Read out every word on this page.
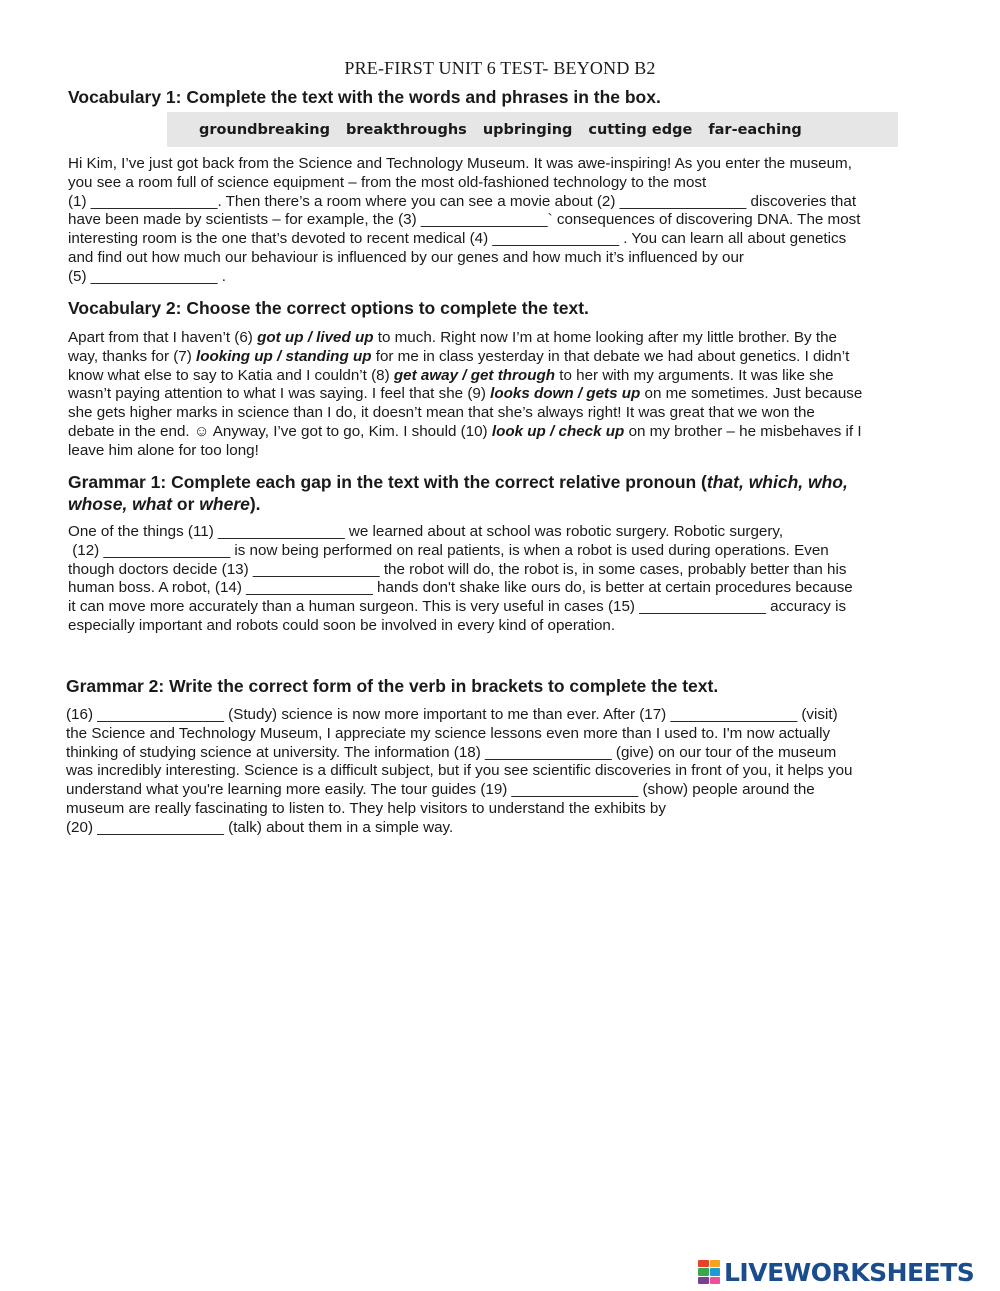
PRE-FIRST UNIT 6 TEST- BEYOND B2
Vocabulary 1: Complete the text with the words and phrases in the box.
groundbreaking breakthroughs upbringing cutting edge far-eaching
Hi Kim, I’ve just got back from the Science and Technology Museum. It was awe-inspiring! As you enter the museum,
you see a room full of science equipment – from the most old-fashioned technology to the most
(1) _______________. Then there’s a room where you can see a movie about (2) _______________ discoveries that
have been made by scientists – for example, the (3) _______________` consequences of discovering DNA. The most
interesting room is the one that’s devoted to recent medical (4) _______________ . You can learn all about genetics
and find out how much our behaviour is influenced by our genes and how much it’s influenced by our
(5) _______________ .
Vocabulary 2: Choose the correct options to complete the text.
Apart from that I haven’t (6) got up / lived up to much. Right now I’m at home looking after my little brother. By the
way, thanks for (7) looking up / standing up for me in class yesterday in that debate we had about genetics. I didn’t
know what else to say to Katia and I couldn’t (8) get away / get through to her with my arguments. It was like she
wasn’t paying attention to what I was saying. I feel that she (9) looks down / gets up on me sometimes. Just because
she gets higher marks in science than I do, it doesn’t mean that she’s always right! It was great that we won the
debate in the end. ☺ Anyway, I’ve got to go, Kim. I should (10) look up / check up on my brother – he misbehaves if I
leave him alone for too long!
Grammar 1: Complete each gap in the text with the correct relative pronoun (that, which, who,
whose, what or where).
One of the things (11) _______________ we learned about at school was robotic surgery. Robotic surgery,
(12) _______________ is now being performed on real patients, is when a robot is used during operations. Even
though doctors decide (13) _______________ the robot will do, the robot is, in some cases, probably better than his
human boss. A robot, (14) _______________ hands don't shake like ours do, is better at certain procedures because
it can move more accurately than a human surgeon. This is very useful in cases (15) _______________ accuracy is
especially important and robots could soon be involved in every kind of operation.
Grammar 2: Write the correct form of the verb in brackets to complete the text.
(16) _______________ (Study) science is now more important to me than ever. After (17) _______________ (visit)
the Science and Technology Museum, I appreciate my science lessons even more than I used to. I'm now actually
thinking of studying science at university. The information (18) _______________ (give) on our tour of the museum
was incredibly interesting. Science is a difficult subject, but if you see scientific discoveries in front of you, it helps you
understand what you're learning more easily. The tour guides (19) _______________ (show) people around the
museum are really fascinating to listen to. They help visitors to understand the exhibits by
(20) _______________ (talk) about them in a simple way.
LIVEWORKSHEETS
